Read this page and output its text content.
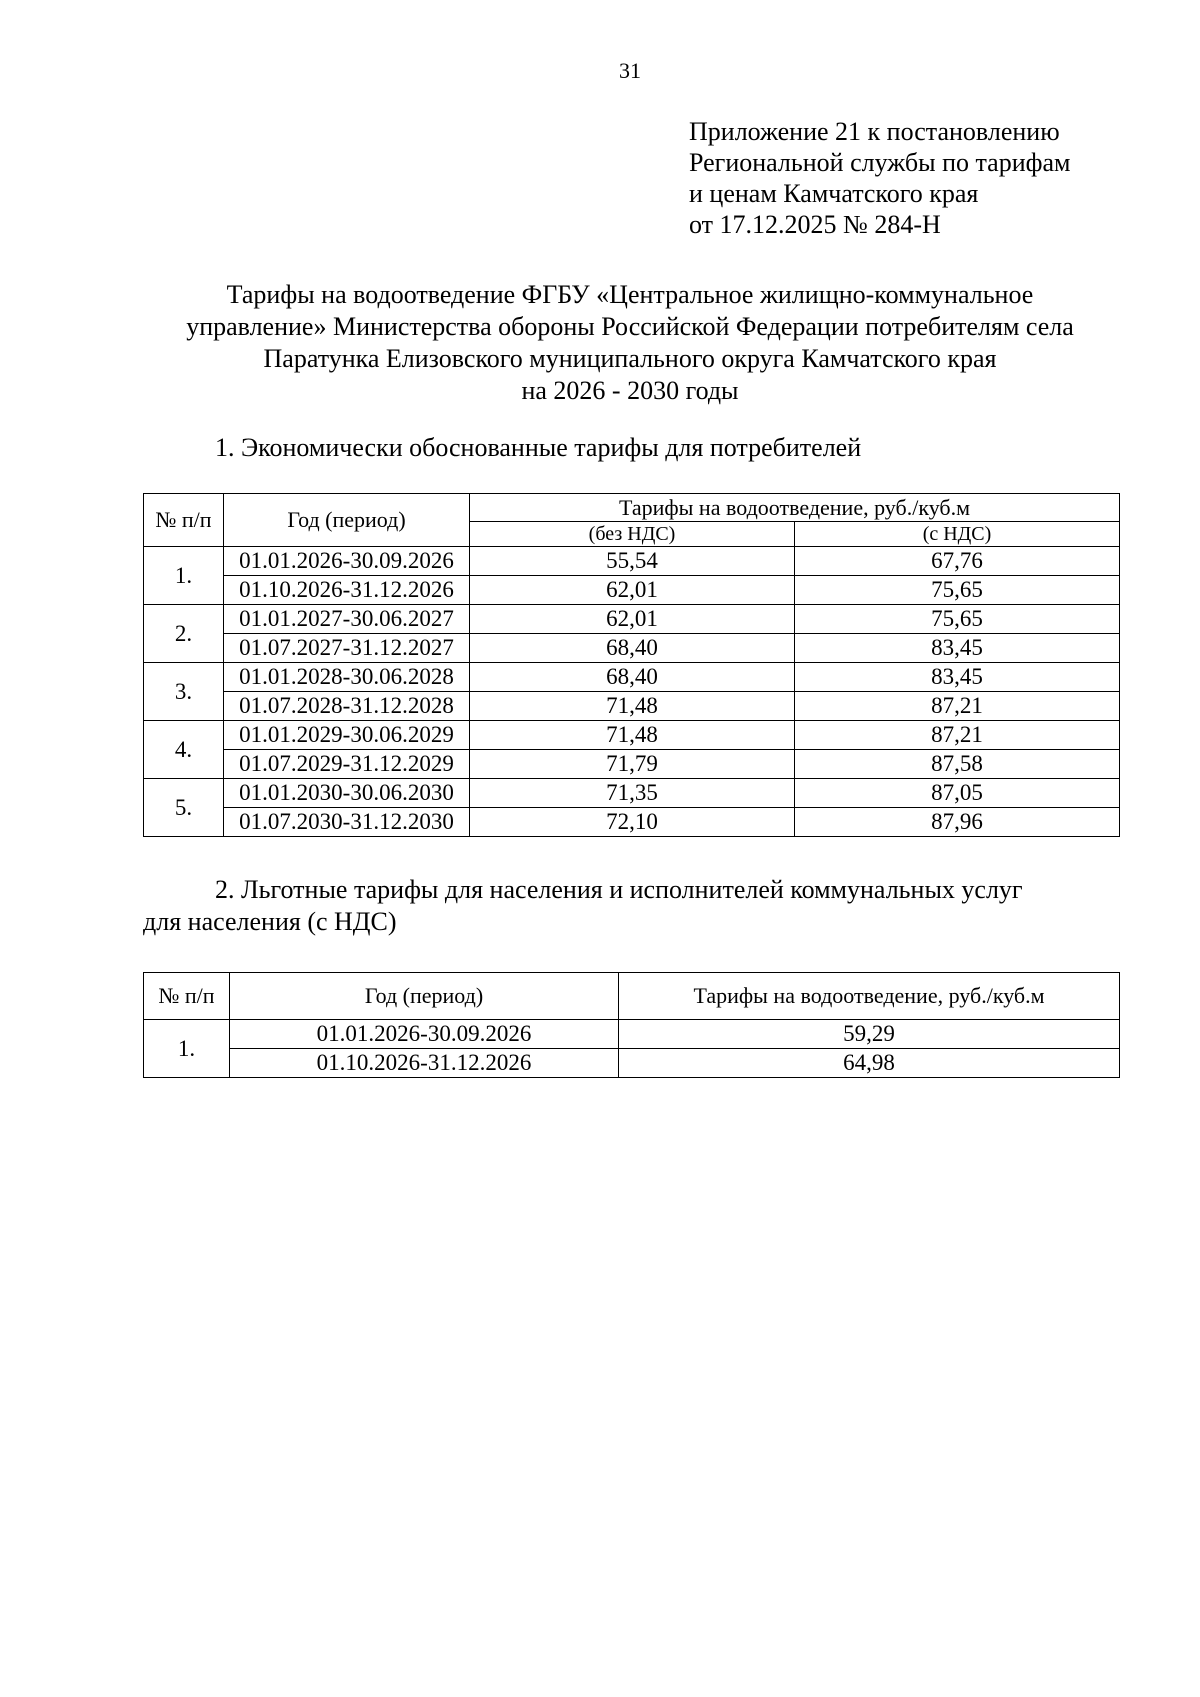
31
Приложение 21 к постановлению
Региональной службы по тарифам
и ценам Камчатского края
от 17.12.2025 № 284-Н
Тарифы на водоотведение ФГБУ «Центральное жилищно-коммунальное
управление» Министерства обороны Российской Федерации потребителям села
Паратунка Елизовского муниципального округа Камчатского края
на 2026 - 2030 годы
1. Экономически обоснованные тарифы для потребителей
№ п/п	Год (период)	Тарифы на водоотведение, руб./куб.м	
		(без НДС)	(с НДС)
1.	01.01.2026-30.09.2026	55,54	67,76
	01.10.2026-31.12.2026	62,01	75,65
2.	01.01.2027-30.06.2027	62,01	75,65
	01.07.2027-31.12.2027	68,40	83,45
3.	01.01.2028-30.06.2028	68,40	83,45
	01.07.2028-31.12.2028	71,48	87,21
4.	01.01.2029-30.06.2029	71,48	87,21
	01.07.2029-31.12.2029	71,79	87,58
5.	01.01.2030-30.06.2030	71,35	87,05
	01.07.2030-31.12.2030	72,10	87,96
2. Льготные тарифы для населения и исполнителей коммунальных услуг
для населения (с НДС)
№ п/п	Год (период)	Тарифы на водоотведение, руб./куб.м
1.	01.01.2026-30.09.2026	59,29
	01.10.2026-31.12.2026	64,98
